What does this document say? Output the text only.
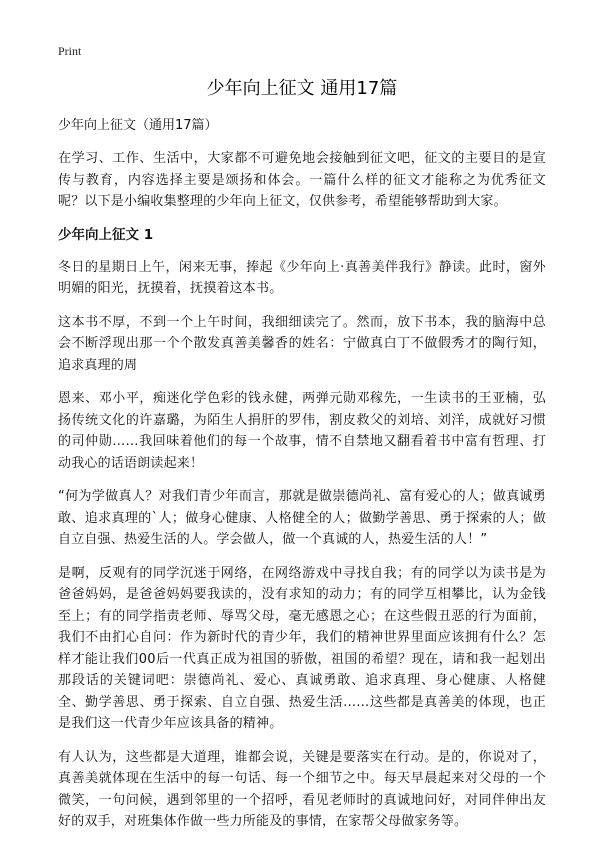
Print
少年向上征文 通用17篇
少年向上征文（通用17篇）

在学习、工作、生活中，大家都不可避免地会接触到征文吧，征文的主要目的是宣传与教育，内容选择主要是颂扬和体会。一篇什么样的征文才能称之为优秀征文呢？以下是小编收集整理的少年向上征文，仅供参考，希望能够帮助到大家。

少年向上征文 1

冬日的星期日上午，闲来无事，捧起《少年向上·真善美伴我行》静读。此时，窗外明媚的阳光，抚摸着，抚摸着这本书。

这本书不厚，不到一个上午时间，我细细读完了。然而，放下书本，我的脑海中总会不断浮现出那一个个散发真善美馨香的姓名：宁做真白丁不做假秀才的陶行知，追求真理的周

恩来、邓小平，痴迷化学色彩的钱永健，两弹元勋邓稼先，一生读书的王亚楠，弘扬传统文化的许嘉璐，为陌生人捐肝的罗伟，割皮救父的刘培、刘洋，成就好习惯的司仲勋……我回味着他们的每一个故事，情不自禁地又翻看着书中富有哲理、打动我心的话语朗读起来！

“何为学做真人？对我们青少年而言，那就是做崇德尚礼、富有爱心的人；做真诚勇敢、追求真理的`人；做身心健康、人格健全的人；做勤学善思、勇于探索的人；做自立自强、热爱生活的人。学会做人，做一个真诚的人，热爱生活的人！”

是啊，反观有的同学沉迷于网络，在网络游戏中寻找自我；有的同学以为读书是为爸爸妈妈，是爸爸妈妈要我读的，没有求知的动力；有的同学互相攀比，认为金钱至上；有的同学指责老师、辱骂父母，毫无感恩之心；在这些假丑恶的行为面前，我们不由扪心自问：作为新时代的青少年，我们的精神世界里面应该拥有什么？怎样才能让我们00后一代真正成为祖国的骄傲，祖国的希望？现在，请和我一起划出那段话的关键词吧：崇德尚礼、爱心、真诚勇敢、追求真理、身心健康、人格健全、勤学善思、勇于探索、自立自强、热爱生活……这些都是真善美的体现，也正是我们这一代青少年应该具备的精神。

有人认为，这些都是大道理，谁都会说，关键是要落实在行动。是的，你说对了，真善美就体现在生活中的每一句话、每一个细节之中。每天早晨起来对父母的一个微笑，一句问候，遇到邻里的一个招呼，看见老师时的真诚地问好，对同伴伸出友好的双手，对班集体作做一些力所能及的事情，在家帮父母做家务等。
